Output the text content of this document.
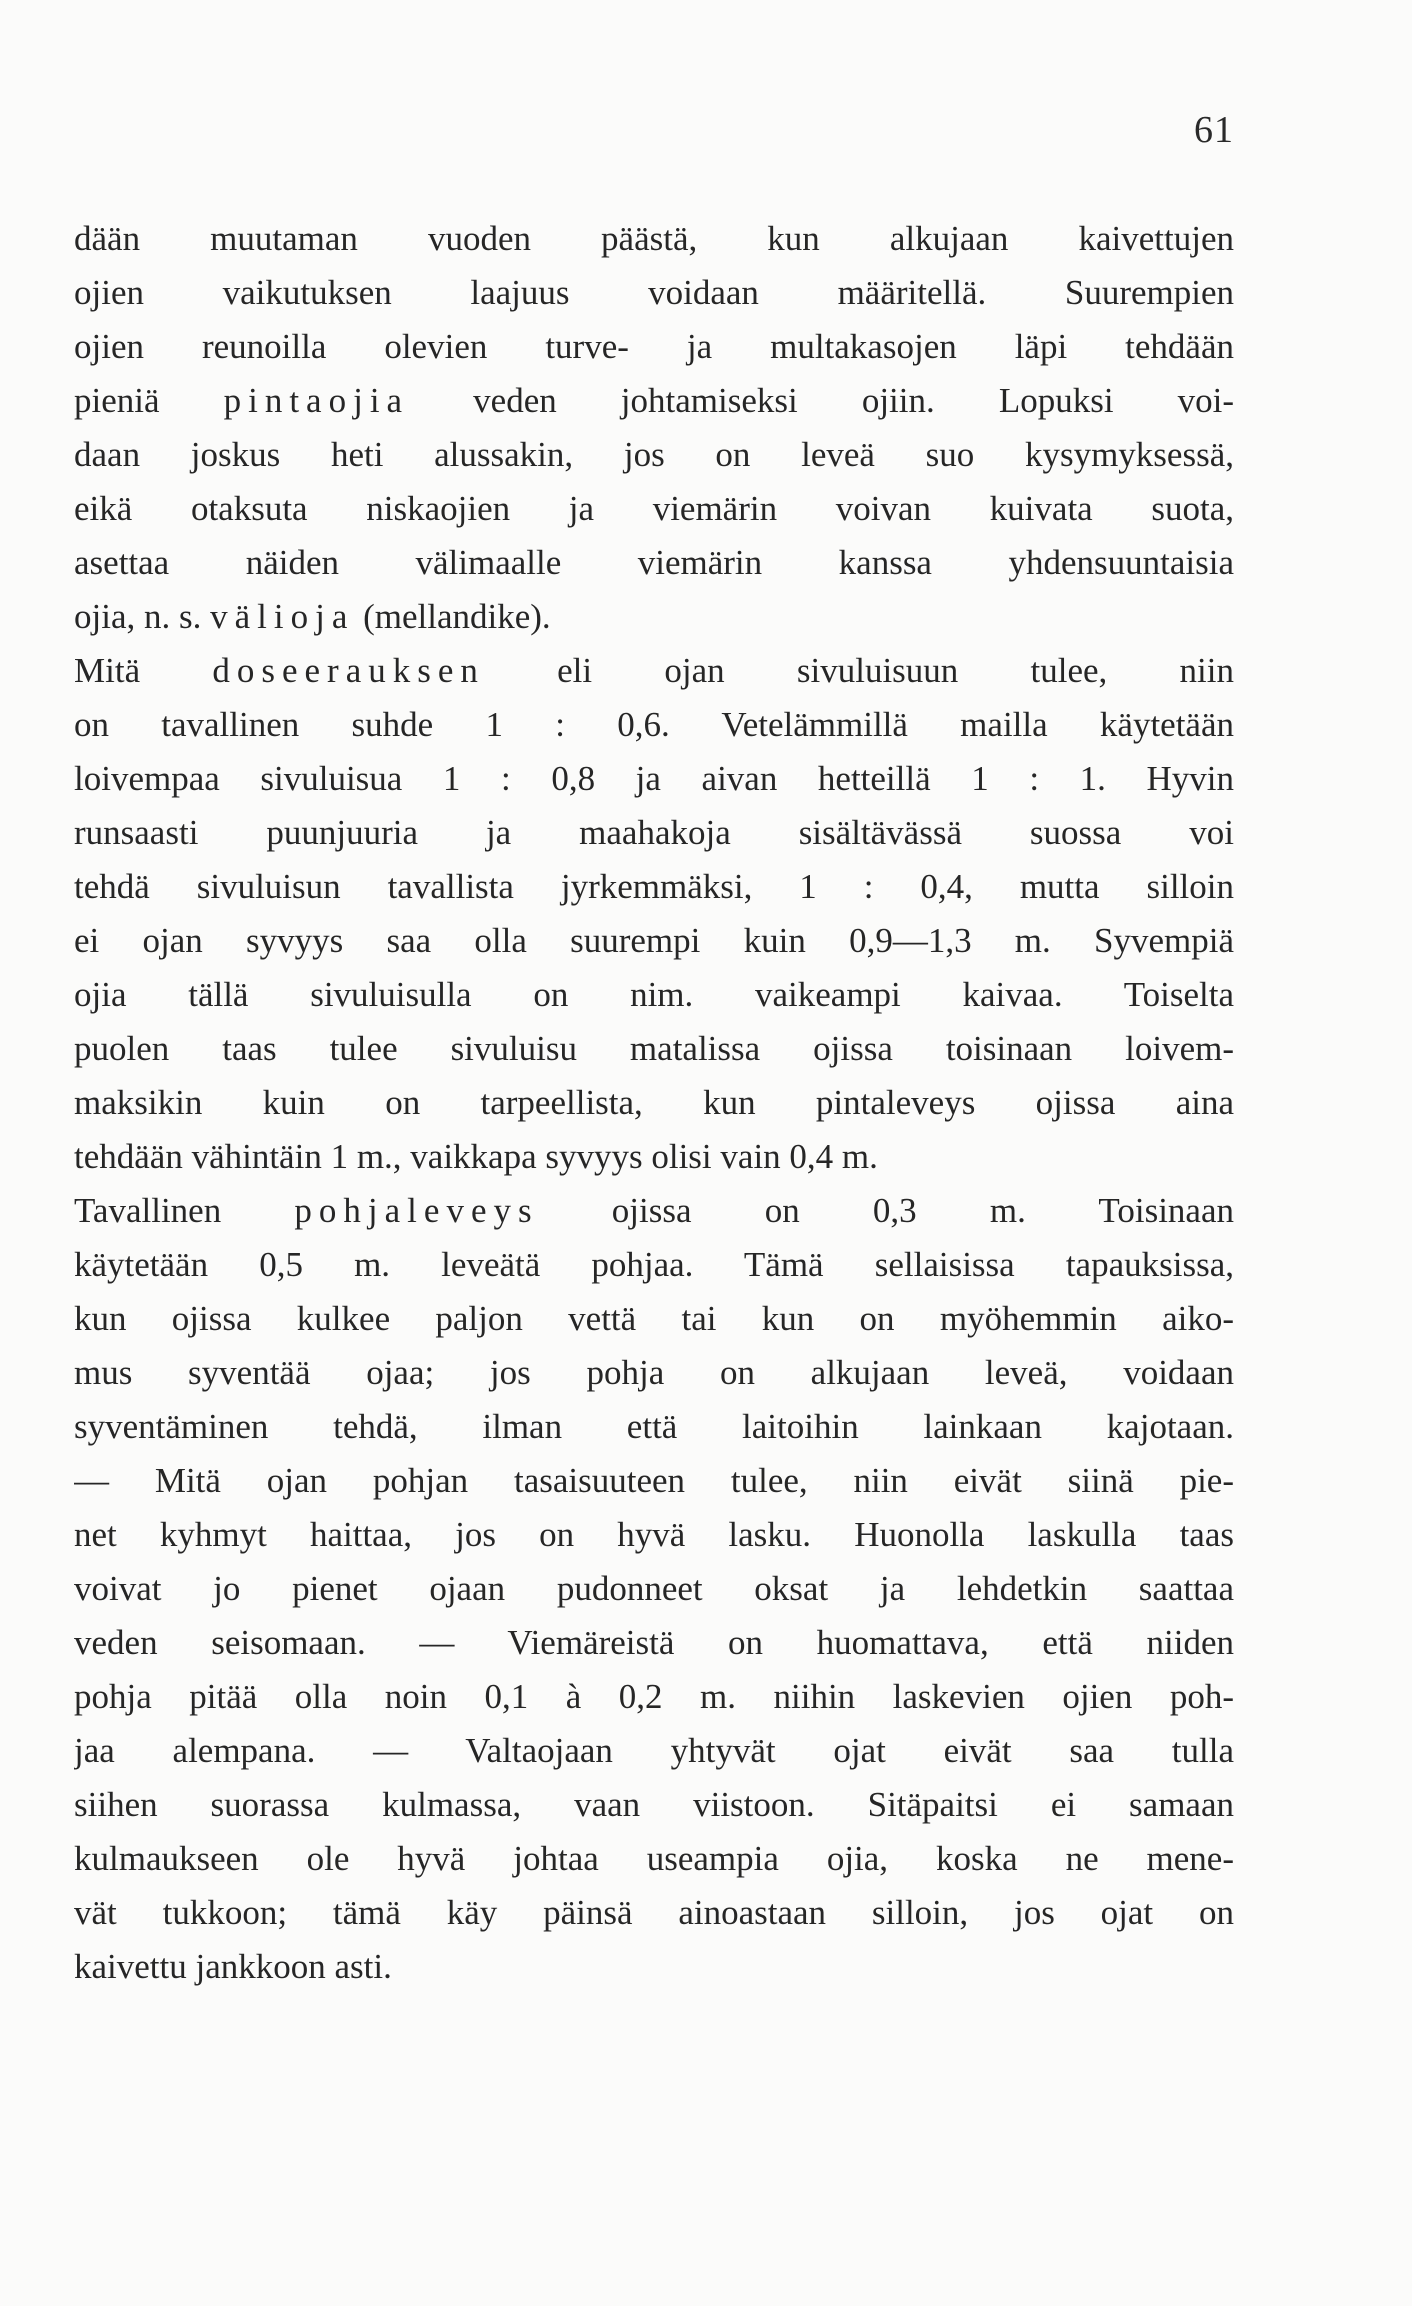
61
dään muutaman vuoden päästä, kun alkujaan kaivettujen
ojien vaikutuksen laajuus voidaan määritellä. Suurempien
ojien reunoilla olevien turve- ja multakasojen läpi tehdään
pieniä pintaojia veden johtamiseksi ojiin. Lopuksi voi-
daan joskus heti alussakin, jos on leveä suo kysymyksessä,
eikä otaksuta niskaojien ja viemärin voivan kuivata suota,
asettaa näiden välimaalle viemärin kanssa yhdensuuntaisia
ojia, n. s. välioja (mellandike).
Mitä doseerauksen eli ojan sivuluisuun tulee, niin
on tavallinen suhde 1 : 0,6. Vetelämmillä mailla käytetään
loivempaa sivuluisua 1 : 0,8 ja aivan hetteillä 1 : 1. Hyvin
runsaasti puunjuuria ja maahakoja sisältävässä suossa voi
tehdä sivuluisun tavallista jyrkemmäksi, 1 : 0,4, mutta silloin
ei ojan syvyys saa olla suurempi kuin 0,9—1,3 m. Syvempiä
ojia tällä sivuluisulla on nim. vaikeampi kaivaa. Toiselta
puolen taas tulee sivuluisu matalissa ojissa toisinaan loivem-
maksikin kuin on tarpeellista, kun pintaleveys ojissa aina
tehdään vähintäin 1 m., vaikkapa syvyys olisi vain 0,4 m.
Tavallinen pohjaleveys ojissa on 0,3 m. Toisinaan
käytetään 0,5 m. leveätä pohjaa. Tämä sellaisissa tapauksissa,
kun ojissa kulkee paljon vettä tai kun on myöhemmin aiko-
mus syventää ojaa; jos pohja on alkujaan leveä, voidaan
syventäminen tehdä, ilman että laitoihin lainkaan kajotaan.
— Mitä ojan pohjan tasaisuuteen tulee, niin eivät siinä pie-
net kyhmyt haittaa, jos on hyvä lasku. Huonolla laskulla taas
voivat jo pienet ojaan pudonneet oksat ja lehdetkin saattaa
veden seisomaan. — Viemäreistä on huomattava, että niiden
pohja pitää olla noin 0,1 à 0,2 m. niihin laskevien ojien poh-
jaa alempana. — Valtaojaan yhtyvät ojat eivät saa tulla
siihen suorassa kulmassa, vaan viistoon. Sitäpaitsi ei samaan
kulmaukseen ole hyvä johtaa useampia ojia, koska ne mene-
vät tukkoon; tämä käy päinsä ainoastaan silloin, jos ojat on
kaivettu jankkoon asti.
